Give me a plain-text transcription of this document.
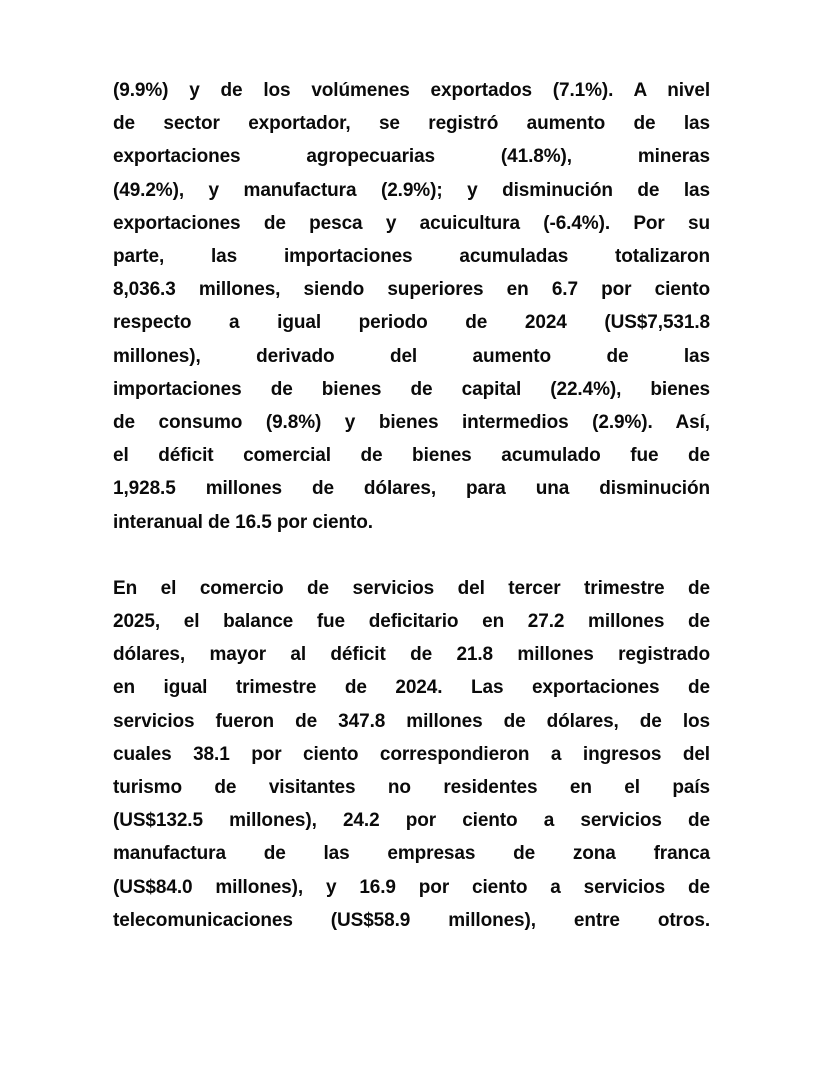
(9.9%) y de los volúmenes exportados (7.1%). A nivel
de sector exportador, se registró aumento de las
exportaciones agropecuarias (41.8%), mineras
(49.2%), y manufactura (2.9%); y disminución de las
exportaciones de pesca y acuicultura (-6.4%). Por su
parte, las importaciones acumuladas totalizaron
8,036.3 millones, siendo superiores en 6.7 por ciento
respecto a igual periodo de 2024 (US$7,531.8
millones), derivado del aumento de las
importaciones de bienes de capital (22.4%), bienes
de consumo (9.8%) y bienes intermedios (2.9%). Así,
el déficit comercial de bienes acumulado fue de
1,928.5 millones de dólares, para una disminución
interanual de 16.5 por ciento.
En el comercio de servicios del tercer trimestre de
2025, el balance fue deficitario en 27.2 millones de
dólares, mayor al déficit de 21.8 millones registrado
en igual trimestre de 2024. Las exportaciones de
servicios fueron de 347.8 millones de dólares, de los
cuales 38.1 por ciento correspondieron a ingresos del
turismo de visitantes no residentes en el país
(US$132.5 millones), 24.2 por ciento a servicios de
manufactura de las empresas de zona franca
(US$84.0 millones), y 16.9 por ciento a servicios de
telecomunicaciones (US$58.9 millones), entre otros.
